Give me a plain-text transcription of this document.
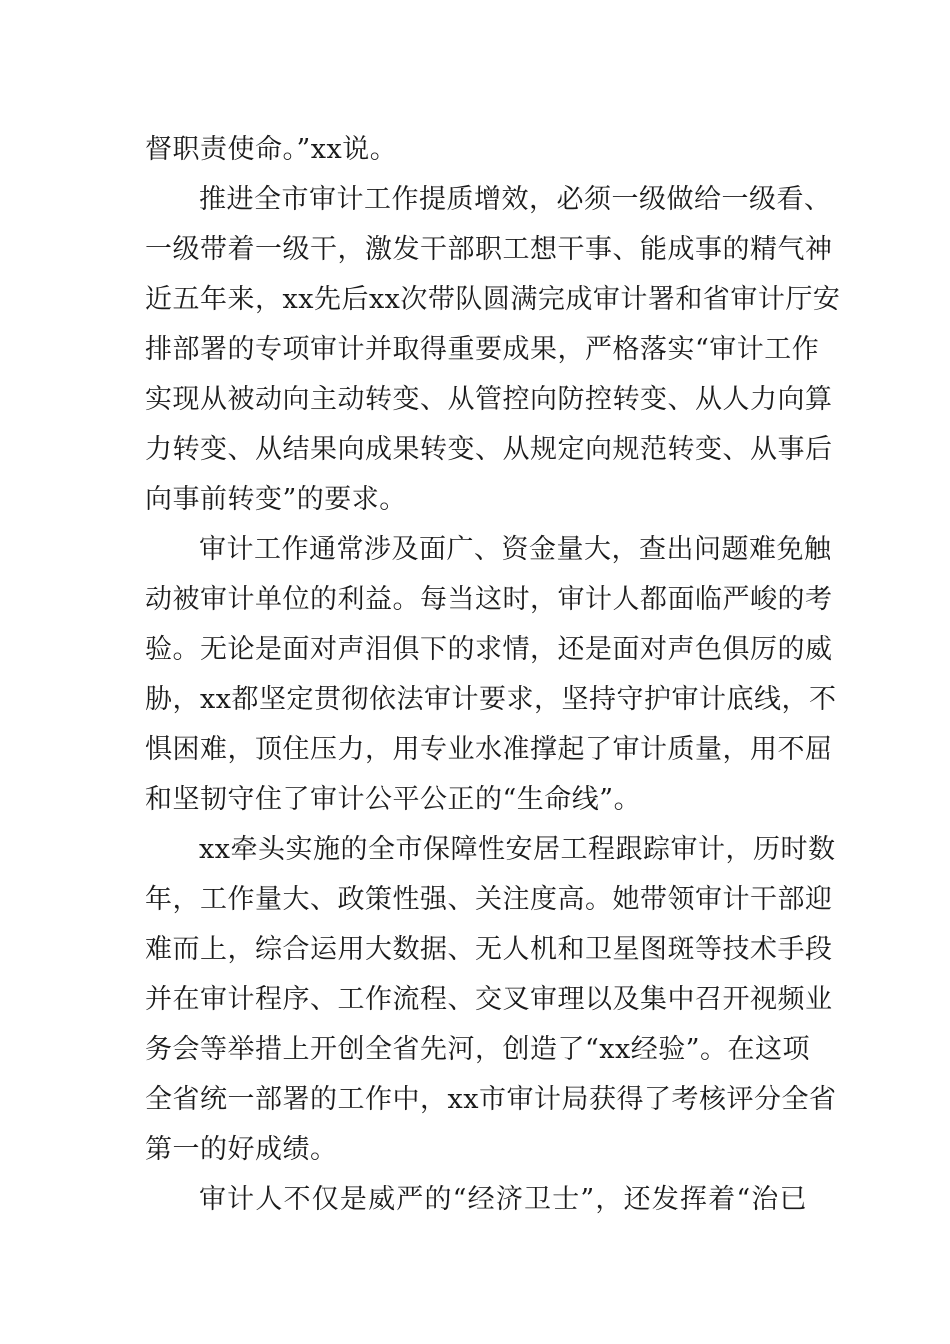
督职责使命。”xx说。
推进全市审计工作提质增效，必须一级做给一级看、
一级带着一级干，激发干部职工想干事、能成事的精气神
近五年来，xx先后xx次带队圆满完成审计署和省审计厅安
排部署的专项审计并取得重要成果，严格落实“审计工作
实现从被动向主动转变、从管控向防控转变、从人力向算
力转变、从结果向成果转变、从规定向规范转变、从事后
向事前转变”的要求。
审计工作通常涉及面广、资金量大，查出问题难免触
动被审计单位的利益。每当这时，审计人都面临严峻的考
验。无论是面对声泪俱下的求情，还是面对声色俱厉的威
胁，xx都坚定贯彻依法审计要求，坚持守护审计底线，不
惧困难，顶住压力，用专业水准撑起了审计质量，用不屈
和坚韧守住了审计公平公正的“生命线”。
xx牵头实施的全市保障性安居工程跟踪审计，历时数
年，工作量大、政策性强、关注度高。她带领审计干部迎
难而上，综合运用大数据、无人机和卫星图斑等技术手段
并在审计程序、工作流程、交叉审理以及集中召开视频业
务会等举措上开创全省先河，创造了“xx经验”。在这项
全省统一部署的工作中，xx市审计局获得了考核评分全省
第一的好成绩。
审计人不仅是威严的“经济卫士”，还发挥着“治已
